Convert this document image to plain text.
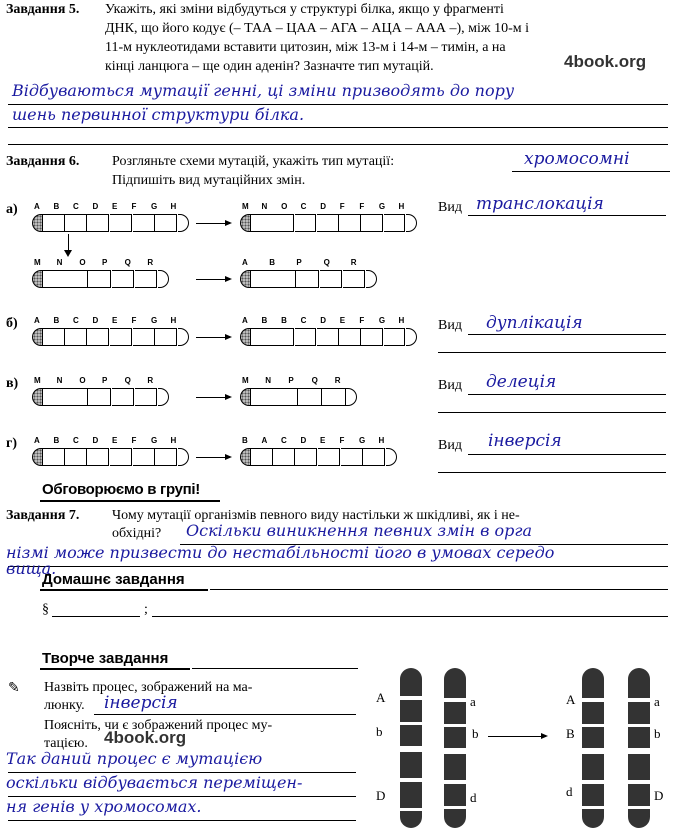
Завдання 5. Укажіть, які зміни відбудуться у структурі білка, якщо у фрагменті
ДНК, що його кодує (– ТАА – ЦАА – АГА – АЦА – ААА –), між 10-м і
11-м нуклеотидами вставити цитозин, між 13-м і 14-м – тимін, а на
кінці ланцюга – ще один аденін? Зазначте тип мутацій.	4book.org
Відбуваються мутації генні, ці зміни призводять до пору
шень первинної структури білка.
Завдання 6. Розгляньте схеми мутацій, укажіть тип мутації:	хромосомні
Підпишіть вид мутаційних змін.
а) A B C D E F G H	M N O C D F F G H Вид транслокація
M N O P Q R	A	B	P	Q	R
б) A B C D E F G H	A B B C D E F G H Вид дуплікація
в) M N O P Q R	M N P Q R	Вид делеція
г) A B C D E F G H	B A C D E F G H	Вид інверсія
Обговорюємо в групі!
Завдання 7. Чому мутації організмів певного виду настільки ж шкідливі, як і не-
обхідні? Оскільки виникнення певних змін в орга
нізмі може призвести до нестабільності його в умовах середо
вища.
Домашнє завдання
§	;
Творче завдання
✎ Назвіть процес, зображений на ма-
люнку. інверсія
Поясніть, чи є зображений процес му-
тацією. 4book.org
Так даний процес є мутацією
оскільки відбувається переміщен-
ня генів у хромосомах.
A
b
D
a
b
d
A
B
d
a
b
D
